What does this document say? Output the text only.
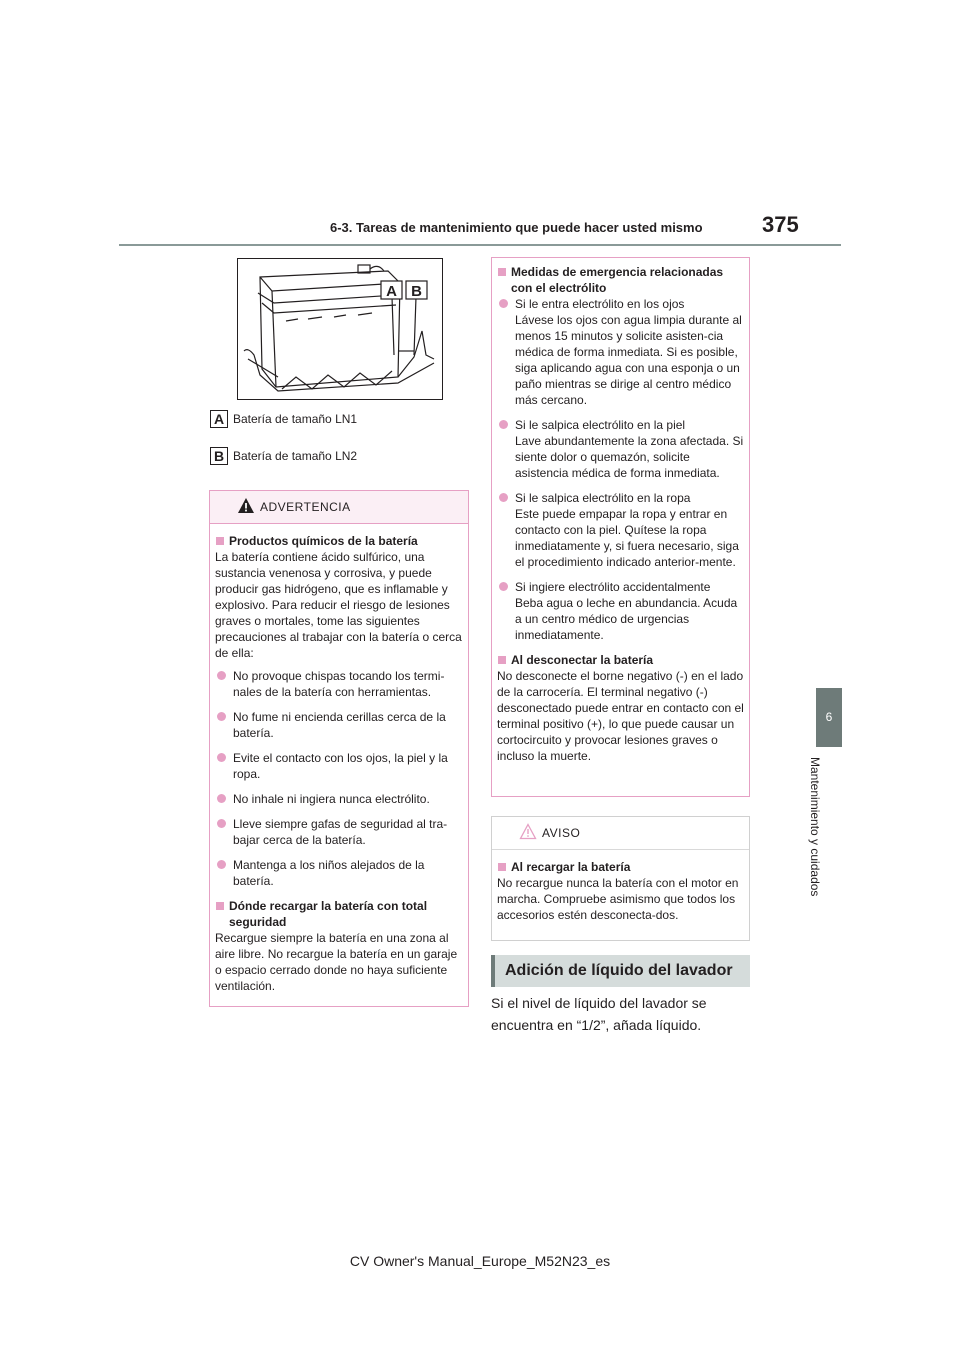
6-3. Tareas de mantenimiento que puede hacer usted mismo	375
6
Mantenimiento y cuidados
A B
A Batería de tamaño LN1
B Batería de tamaño LN2
ADVERTENCIA
Productos químicos de la batería
La batería contiene ácido sulfúrico, una sustancia venenosa y corrosiva, y puede producir gas hidrógeno, que es inflamable y explosivo. Para reducir el riesgo de lesiones graves o mortales, tome las siguientes precauciones al trabajar con la batería o cerca de ella:
No provoque chispas tocando los termi-nales de la batería con herramientas.
No fume ni encienda cerillas cerca de la batería.
Evite el contacto con los ojos, la piel y la ropa.
No inhale ni ingiera nunca electrólito.
Lleve siempre gafas de seguridad al tra-bajar cerca de la batería.
Mantenga a los niños alejados de la batería.
Dónde recargar la batería con total seguridad
Recargue siempre la batería en una zona al aire libre. No recargue la batería en un garaje o espacio cerrado donde no haya suficiente ventilación.
Medidas de emergencia relacionadas con el electrólito
Si le entra electrólito en los ojos
Lávese los ojos con agua limpia durante al menos 15 minutos y solicite asisten-cia médica de forma inmediata. Si es posible, siga aplicando agua con una esponja o un paño mientras se dirige al centro médico más cercano.
Si le salpica electrólito en la piel
Lave abundantemente la zona afectada. Si siente dolor o quemazón, solicite asistencia médica de forma inmediata.
Si le salpica electrólito en la ropa
Este puede empapar la ropa y entrar en contacto con la piel. Quítese la ropa inmediatamente y, si fuera necesario, siga el procedimiento indicado anterior-mente.
Si ingiere electrólito accidentalmente
Beba agua o leche en abundancia. Acuda a un centro médico de urgencias inmediatamente.
Al desconectar la batería
No desconecte el borne negativo (-) en el lado de la carrocería. El terminal negativo (-) desconectado puede entrar en contacto con el terminal positivo (+), lo que puede causar un cortocircuito y provocar lesiones graves o incluso la muerte.
AVISO
Al recargar la batería
No recargue nunca la batería con el motor en marcha. Compruebe asimismo que todos los accesorios estén desconecta-dos.
Adición de líquido del lavador
Si el nivel de líquido del lavador se encuentra en “1/2”, añada líquido.
CV Owner's Manual_Europe_M52N23_es
